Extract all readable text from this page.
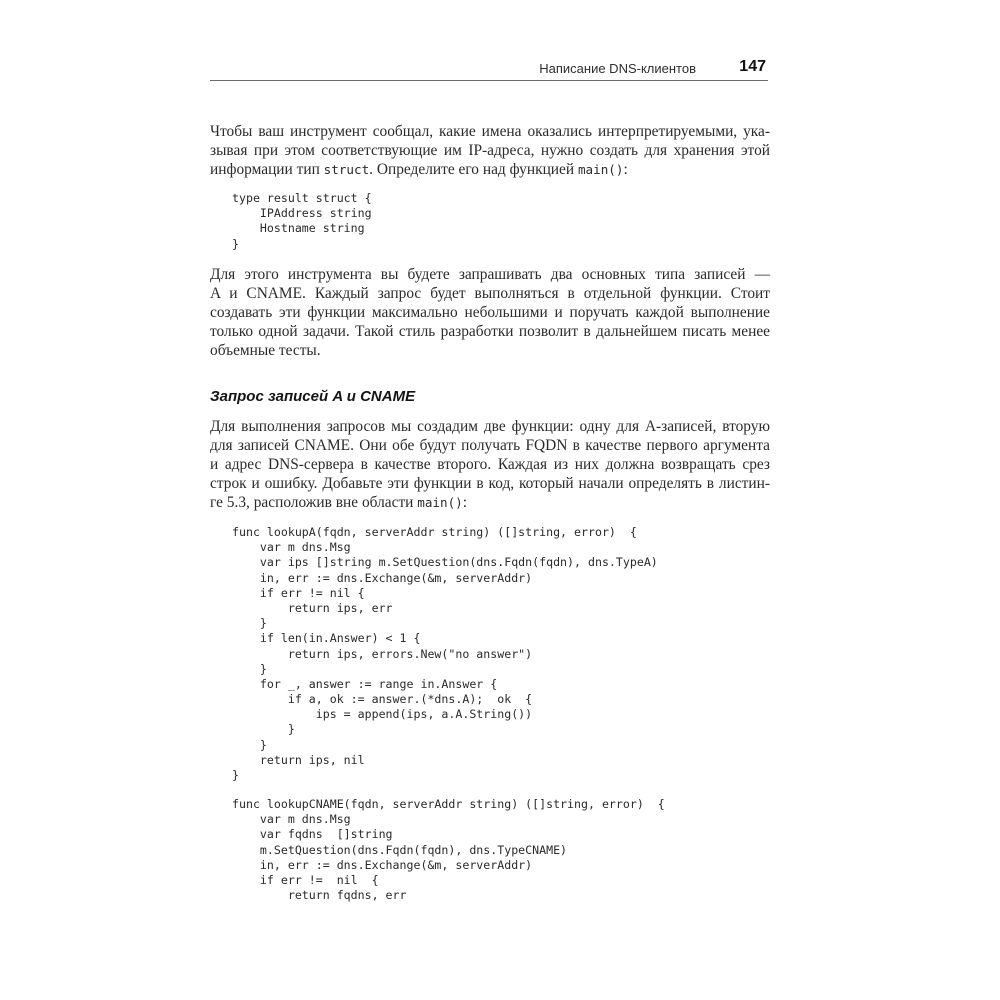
Написание DNS-клиентов	147
Чтобы ваш инструмент сообщал, какие имена оказались интерпретируемыми, ука-
зывая при этом соответствующие им IP-адреса, нужно создать для хранения этой
информации тип struct. Определите его над функцией main():
type result struct {
IPAddress string
Hostname string
}
Для этого инструмента вы будете запрашивать два основных типа записей —
A и CNAME. Каждый запрос будет выполняться в отдельной функции. Стоит
создавать эти функции максимально небольшими и поручать каждой выполнение
только одной задачи. Такой стиль разработки позволит в дальнейшем писать менее
объемные тесты.
Запрос записей A и CNAME
Для выполнения запросов мы создадим две функции: одну для A-записей, вторую
для записей CNAME. Они обе будут получать FQDN в качестве первого аргумента
и адрес DNS-сервера в качестве второго. Каждая из них должна возвращать срез
строк и ошибку. Добавьте эти функции в код, который начали определять в листин-
ге 5.3, расположив вне области main():
func lookupA(fqdn, serverAddr string) ([]string, error)  {
var m dns.Msg
var ips []string m.SetQuestion(dns.Fqdn(fqdn), dns.TypeA)
in, err := dns.Exchange(&m, serverAddr)
if err != nil {
return ips, err
}
if len(in.Answer) < 1 {
return ips, errors.New("no answer")
}
for _, answer := range in.Answer {
if a, ok := answer.(*dns.A);  ok  {
ips = append(ips, a.A.String())
}
}
return ips, nil
}
func lookupCNAME(fqdn, serverAddr string) ([]string, error)  {
var m dns.Msg
var fqdns  []string
m.SetQuestion(dns.Fqdn(fqdn), dns.TypeCNAME)
in, err := dns.Exchange(&m, serverAddr)
if err !=  nil  {
return fqdns, err
